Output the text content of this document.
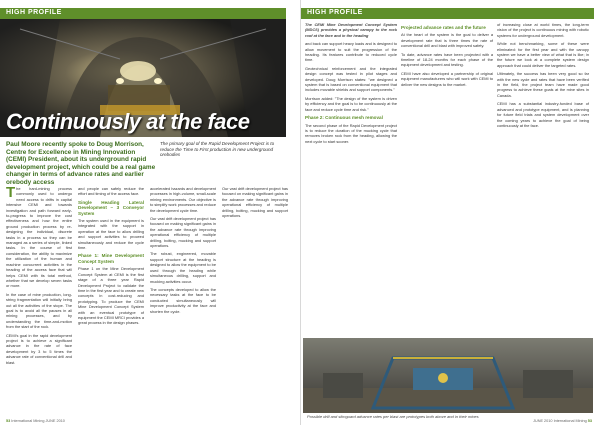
HIGH PROFILE
Continuously at the face
Paul Moore recently spoke to Doug Morrison, Centre for Excellence in Mining Innovation (CEMI) President, about its underground rapid development project, which could be a real game changer in terms of advance rates and earlier orebody access
The primary goal of the Rapid Development Project is to reduce the Time to First production in new underground orebodies

The hard-mining process commonly used to undergo need access to drifts in capital intensive CEMI and towards investigation and path forward early-to-progress to improve the cost effectiveness and how the entire ground production process by re-designing the individual, discrete tasks in a process so they can be managed as a series of simple, linked tasks. In the course of first consideration, the ability to maximize the utilization of the human and machine concurrent activities in the heading of the access face that will helps CEMI with its total method, whether that we develop seven tasks or more.

In the case of mine production, long-string fragmentation will initially bring out all the activities of the stope. The goal is to avoid all the pauses in all mining processes, and by understanding the time-and-motion from the start of the rock.

CEMI's goal in the rapid development project is to achieve a significant advance in the rate of face development by 3 to 5 times the advance rate of conventional drill and blast.

and people can safely reduce the effort and timing of the access face.

Single Heading Lateral Development – 3 Conveyor System

The system used in the equipment is integrated with the support in operation at the face to allow drilling and support activities to proceed simultaneously and reduce the cycle time.

Phase 1: Mine Development Concept System

Phase 1 on the Mine Development Concept System at CEMI is the first stage of a three year Rapid Development Project to validate the time in the first year and to create new concepts in cost-reducing and prototyping. To produce the CEMI Mine Development Concept System with an eventual prototype of equipment the CEMI MRCI provides a great process in the design phases.

accelerated hazards and development processes in high-volume, small-scale mining environments. Our objective is to simplify work processes and reduce the development cycle time.

Our vast drift development project has focused on making significant gains in the advance rate through improving operational efficiency of multiple drilling, bolting, mucking and support operations.

The robust, engineered, movable support structure at the heading is designed to allow the equipment to be used through the heading while simultaneous drilling, support and mucking activities occur.

The concepts developed to allow the necessary tasks at the face to be conducted simultaneously will improve productivity at the face and shorten the cycle.

Our vast drift development project has focused on making significant gains in the advance rate through improving operational efficiency of multiple drilling, bolting, mucking and support operations.

53 International Mining JUNE 2010
HIGH PROFILE

The CEMI Mine Development Concept System (MDCS) provides a physical canopy to the rock roof at the face and in the heading

and back can support heavy loads and is designed to allow movement to suit the progression of the heading. Its features contribute to reduced cycle time.

Geotechnical reinforcement and the integrated design concept was tested in pilot stages and developed. Doug Morrison states: "we designed a system that is based on conventional equipment that includes movable shields and support components."

Morrison added: "The design of the system is driven by efficiency and the goal is to be continuously at the face and reduce cycle time and risk."

Phase 2: Continuous mesh removal

The second phase of the Rapid Development project is to reduce the duration of the mucking cycle that removes broken rock from the heading, allowing the next cycle to start sooner.

Projected advance rates and the future

At the heart of the system is the goal to deliver a development rate that is three times the rate of conventional drill and blast with improved safety.

To date, advance rates have been projected with a timeline of 18-24 months for each phase of the equipment development and testing.

CEMI have also developed a partnership of original equipment manufacturers who will work with CEMI to deliver the new designs to the market.

of increasing close at world times, the long-term vision of the project is continuous mining with robotic systems for underground development.

While not benchmarking, some of these were eliminated: for the first year and with the canopy system we have a better view of what that is like; in the future we look at a complete system design approach that could deliver the targeted rates.

Ultimately, the success has been very good so far with the new cycle and rates that have been verified in the field, the project team have made good progress to achieve these goals at the mine sites in Canada.

CEMI has a substantial industry-funded base of advanced and prototype equipment, and is planning for future field trials and system development over the coming years to achieve the goal of being continuously at the face.

Possible drill and slimguard advance rates per blast are prototypes both above and in their mines
JUNE 2010 International Mining 53
